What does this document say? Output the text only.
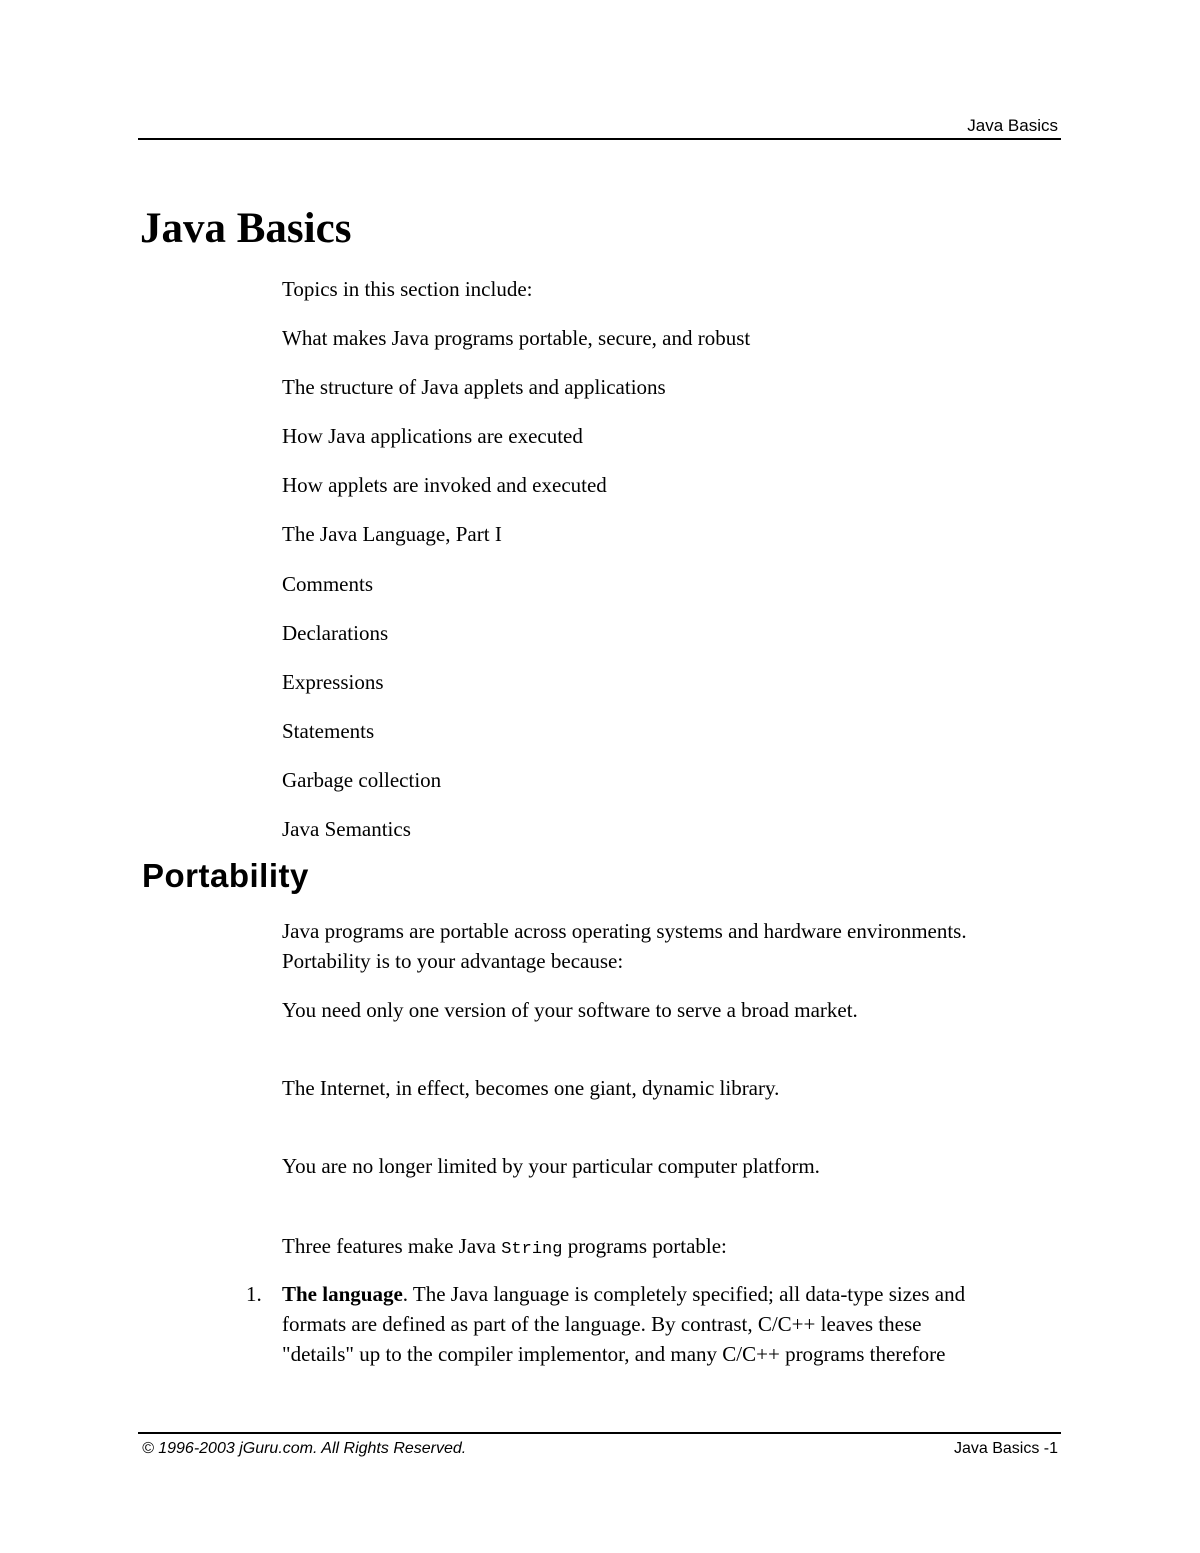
Java Basics
Java Basics
Topics in this section include:
What makes Java programs portable, secure, and robust
The structure of Java applets and applications
How Java applications are executed
How applets are invoked and executed
The Java Language, Part I
Comments
Declarations
Expressions
Statements
Garbage collection
Java Semantics
Portability
Java programs are portable across operating systems and hardware environments.
Portability is to your advantage because:
You need only one version of your software to serve a broad market.
The Internet, in effect, becomes one giant, dynamic library.
You are no longer limited by your particular computer platform.
Three features make Java String programs portable:
1. The language. The Java language is completely specified; all data-type sizes and
formats are defined as part of the language. By contrast, C/C++ leaves these
"details" up to the compiler implementor, and many C/C++ programs therefore
© 1996-2003 jGuru.com. All Rights Reserved.	Java Basics -1
